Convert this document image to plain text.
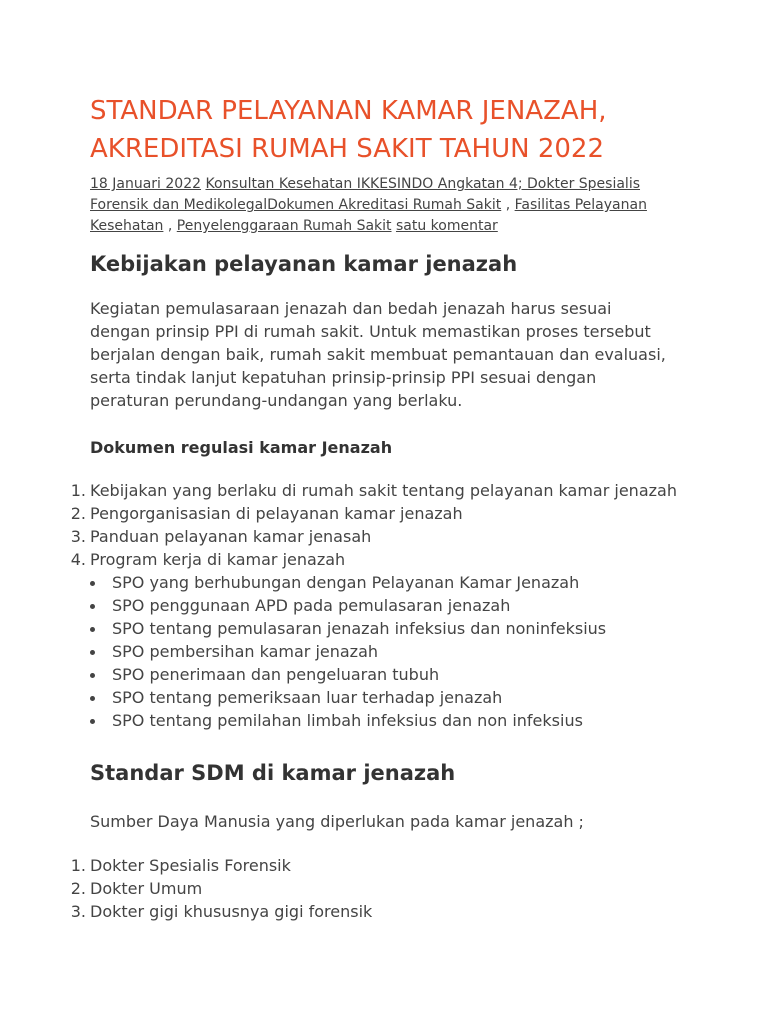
STANDAR PELAYANAN KAMAR JENAZAH, AKREDITASI RUMAH SAKIT TAHUN 2022
18 Januari 2022 Konsultan Kesehatan IKKESINDO Angkatan 4; Dokter Spesialis Forensik dan MedikolegalDokumen Akreditasi Rumah Sakit , Fasilitas Pelayanan Kesehatan , Penyelenggaraan Rumah Sakit satu komentar
Kebijakan pelayanan kamar jenazah

Kegiatan pemulasaraan jenazah dan bedah jenazah harus sesuai dengan prinsip PPI di rumah sakit. Untuk memastikan proses tersebut berjalan dengan baik, rumah sakit membuat pemantauan dan evaluasi, serta tindak lanjut kepatuhan prinsip-prinsip PPI sesuai dengan peraturan perundang-undangan yang berlaku.

Dokumen regulasi kamar Jenazah
1. Kebijakan yang berlaku di rumah sakit tentang pelayanan kamar jenazah
2. Pengorganisasian di pelayanan kamar jenazah
3. Panduan pelayanan kamar jenasah
4. Program kerja di kamar jenazah
SPO yang berhubungan dengan Pelayanan Kamar Jenazah
SPO penggunaan APD pada pemulasaran jenazah
SPO tentang pemulasaran jenazah infeksius dan noninfeksius
SPO pembersihan kamar jenazah
SPO penerimaan dan pengeluaran tubuh
SPO tentang pemeriksaan luar terhadap jenazah
SPO tentang pemilahan limbah infeksius dan non infeksius
Standar SDM di kamar jenazah

Sumber Daya Manusia yang diperlukan pada kamar jenazah ;

1. Dokter Spesialis Forensik
2. Dokter Umum
3. Dokter gigi khususnya gigi forensik
